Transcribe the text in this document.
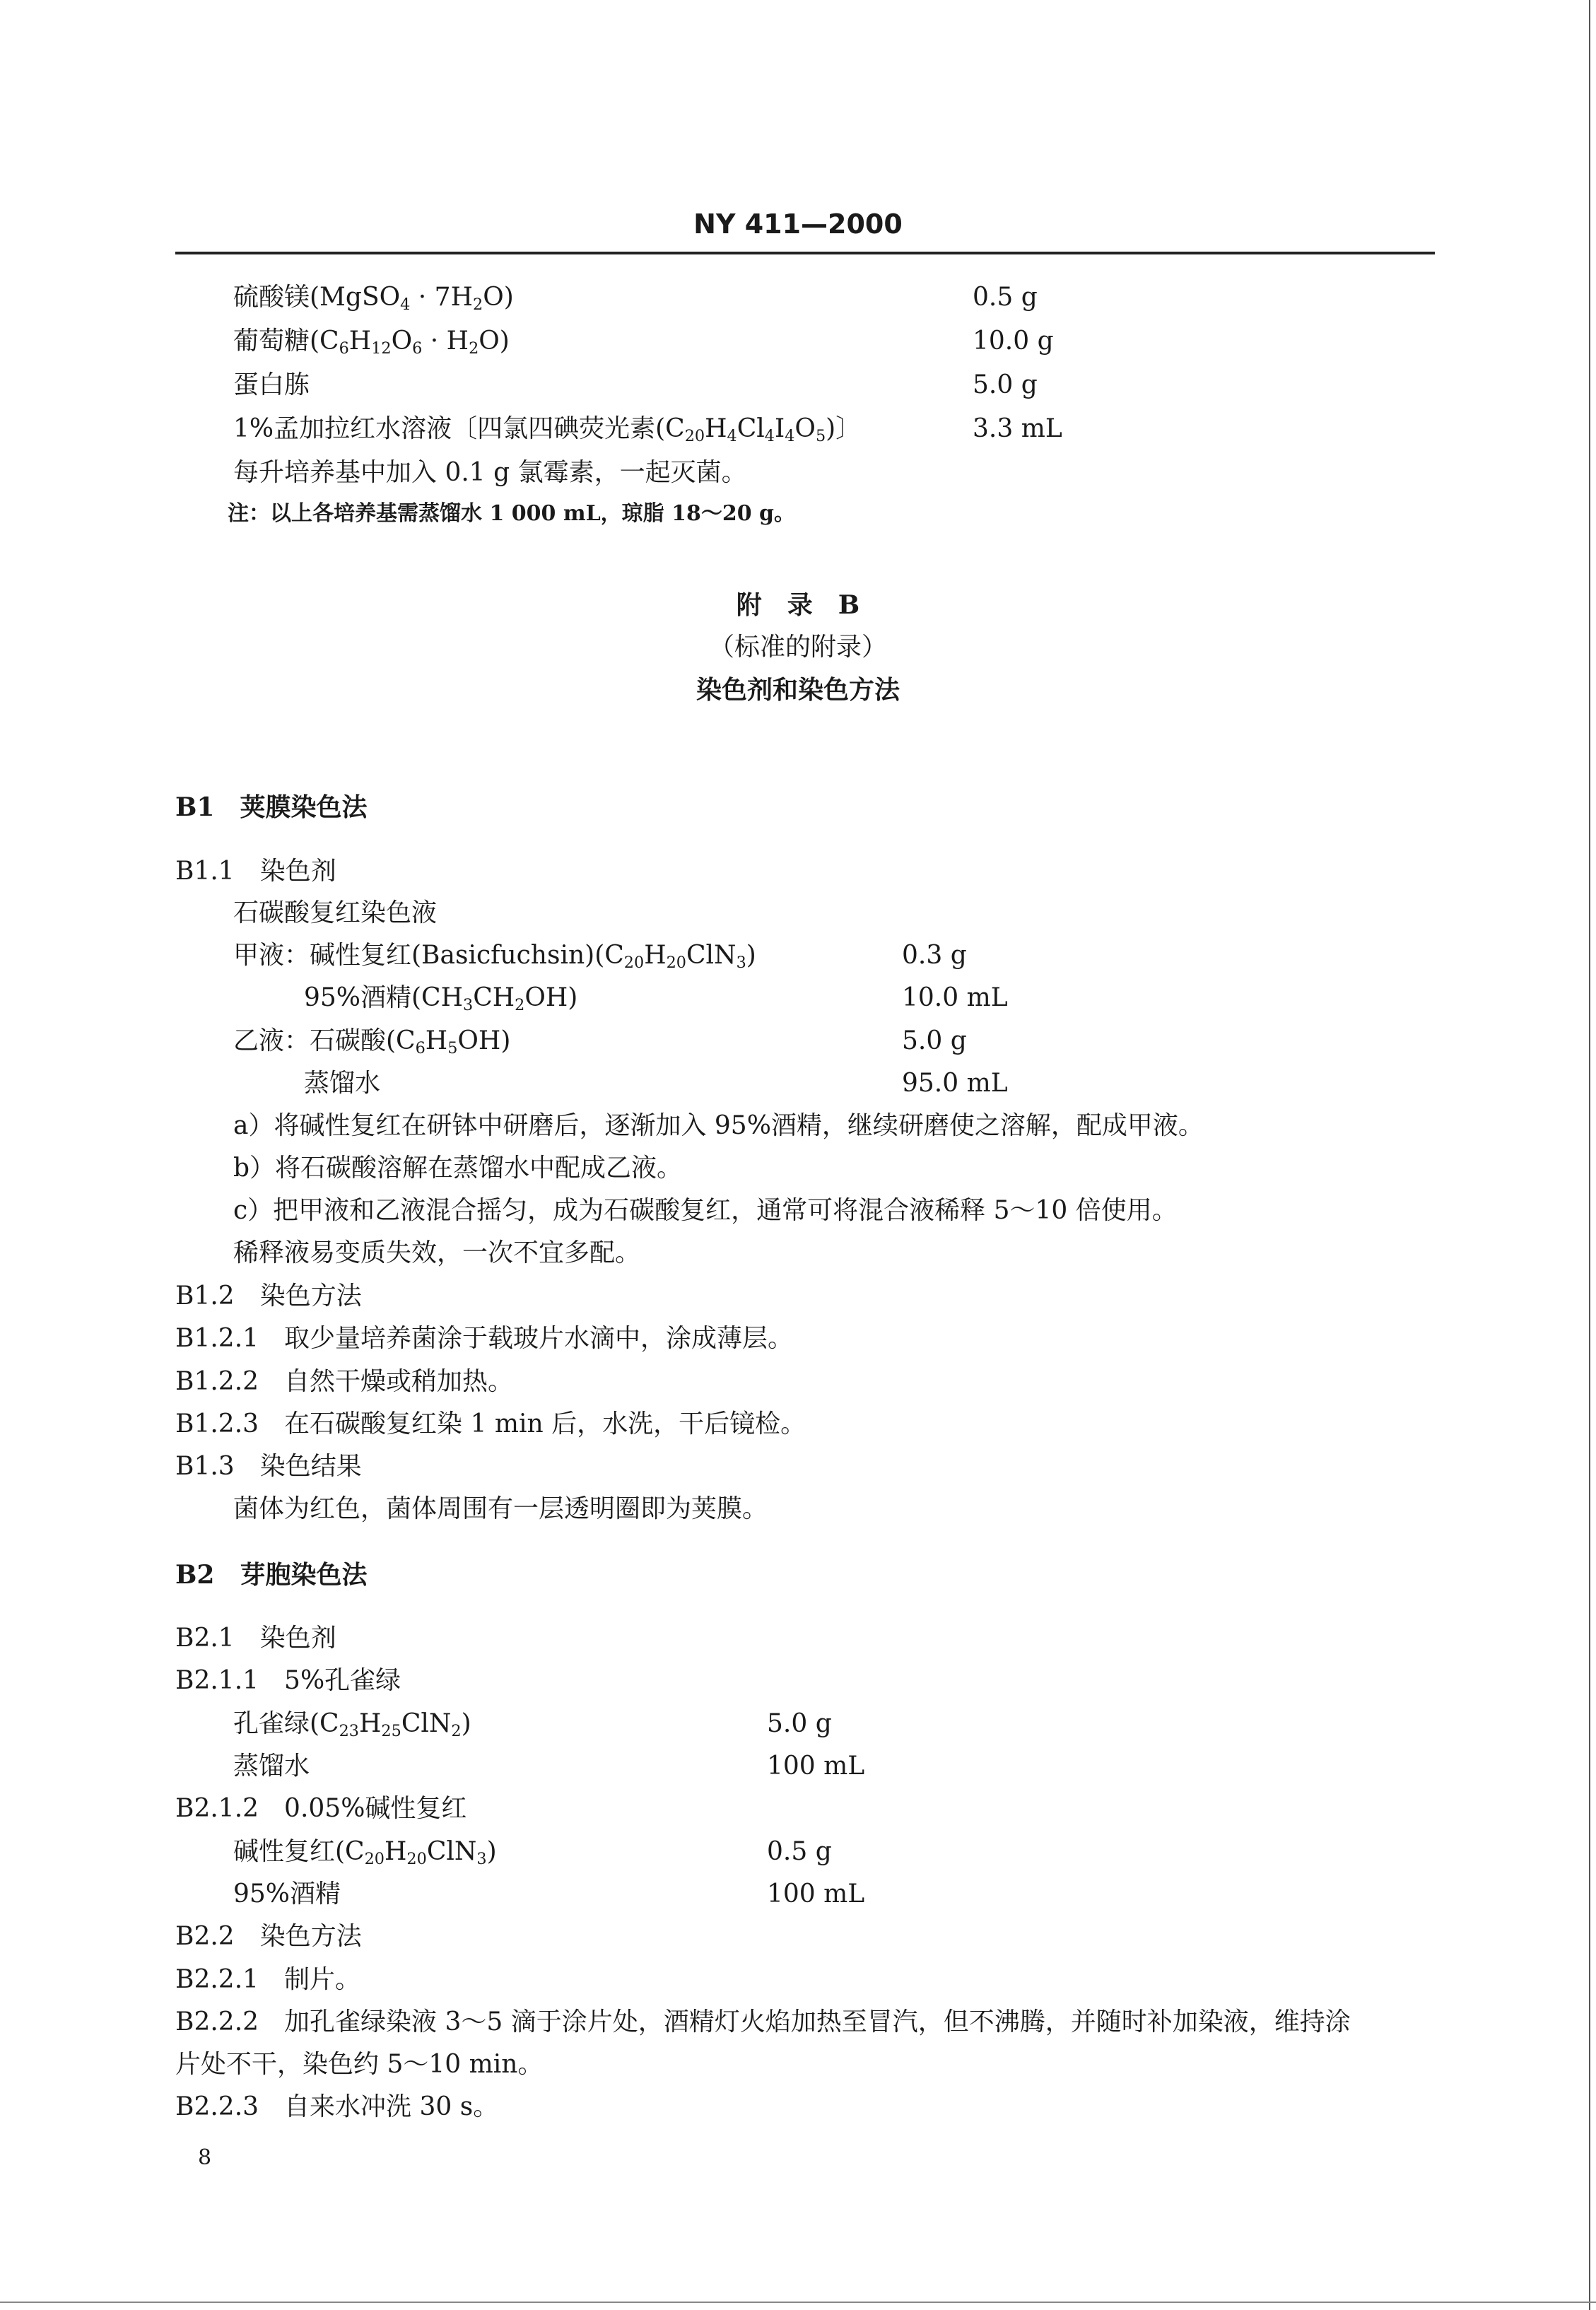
NY 411—2000
硫酸镁(MgSO$_4$ · $7H_2O$)	0.5 g
葡萄糖$(C_6H_{12}O_6 \cdot H_2O)$	10.0 g
蛋白胨	5.0 g
1%孟加拉红水溶液〔四氯四碘荧光素$(C_{20}H_4Cl_4I_4O_5)$〕	3.3 mL
每升培养基中加入 0.1 g 氯霉素，一起灭菌。
注：以上各培养基需蒸馏水 1 000 mL，琼脂 18～20 g。
附　录　B
（标准的附录）
染色剂和染色方法
B1　荚膜染色法
B1.1　染色剂
石碳酸复红染色液
甲液：碱性复红$(Basicfuchsin)(C_{20}H_{20}ClN_3)$	0.3 g
95%酒精$(CH_3CH_2OH)$	10.0 mL
乙液：石碳酸$(C_6H_5OH)$	5.0 g
蒸馏水	95.0 mL
a）将碱性复红在研钵中研磨后，逐渐加入 95%酒精，继续研磨使之溶解，配成甲液。
b）将石碳酸溶解在蒸馏水中配成乙液。
c）把甲液和乙液混合摇匀，成为石碳酸复红，通常可将混合液稀释 5～10 倍使用。
稀释液易变质失效，一次不宜多配。
B1.2　染色方法
B1.2.1　取少量培养菌涂于载玻片水滴中，涂成薄层。
B1.2.2　自然干燥或稍加热。
B1.2.3　在石碳酸复红染 1 min 后，水洗，干后镜检。
B1.3　染色结果
菌体为红色，菌体周围有一层透明圈即为荚膜。
B2　芽胞染色法
B2.1　染色剂
B2.1.1　5%孔雀绿
孔雀绿$(C_{23}H_{25}ClN_2)$	5.0 g
蒸馏水	100 mL
B2.1.2　0.05%碱性复红
碱性复红$(C_{20}H_{20}ClN_3)$	0.5 g
95%酒精	100 mL
B2.2　染色方法
B2.2.1　制片。
B2.2.2　加孔雀绿染液 3～5 滴于涂片处，酒精灯火焰加热至冒汽，但不沸腾，并随时补加染液，维持涂
片处不干，染色约 5～10 min。
B2.2.3　自来水冲洗 30 s。
8
